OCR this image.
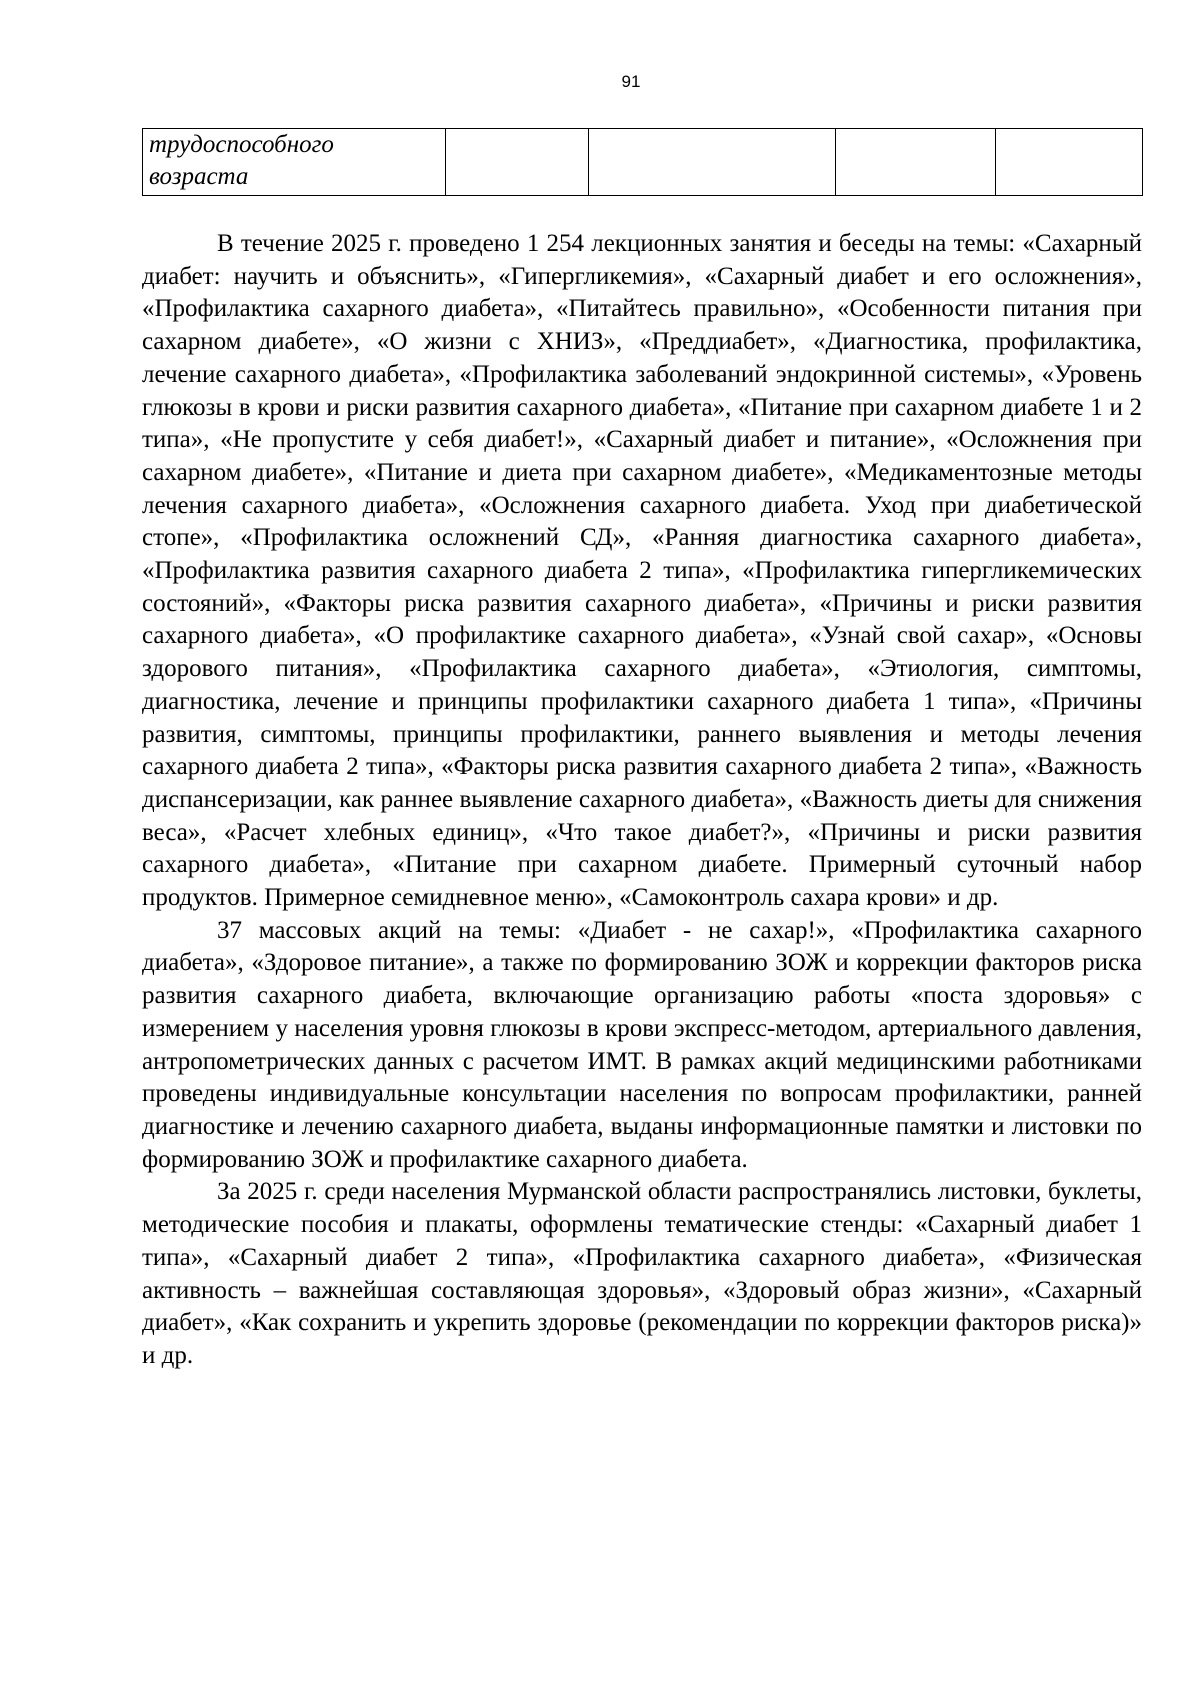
91
трудоспособного возраста				

В течение 2025 г. проведено 1 254 лекционных занятия и беседы на темы: «Сахарный диабет: научить и объяснить», «Гипергликемия», «Сахарный диабет и его осложнения», «Профилактика сахарного диабета», «Питайтесь правильно», «Особенности питания при сахарном диабете», «О жизни с ХНИЗ», «Преддиабет», «Диагностика, профилактика, лечение сахарного диабета», «Профилактика заболеваний эндокринной системы», «Уровень глюкозы в крови и риски развития сахарного диабета», «Питание при сахарном диабете 1 и 2 типа», «Не пропустите у себя диабет!», «Сахарный диабет и питание», «Осложнения при сахарном диабете», «Питание и диета при сахарном диабете», «Медикаментозные методы лечения сахарного диабета», «Осложнения сахарного диабета. Уход при диабетической стопе», «Профилактика осложнений СД», «Ранняя диагностика сахарного диабета», «Профилактика развития сахарного диабета 2 типа», «Профилактика гипергликемических состояний», «Факторы риска развития сахарного диабета», «Причины и риски развития сахарного диабета», «О профилактике сахарного диабета», «Узнай свой сахар», «Основы здорового питания», «Профилактика сахарного диабета», «Этиология, симптомы, диагностика, лечение и принципы профилактики сахарного диабета 1 типа», «Причины развития, симптомы, принципы профилактики, раннего выявления и методы лечения сахарного диабета 2 типа», «Факторы риска развития сахарного диабета 2 типа», «Важность диспансеризации, как раннее выявление сахарного диабета», «Важность диеты для снижения веса», «Расчет хлебных единиц», «Что такое диабет?», «Причины и риски развития сахарного диабета», «Питание при сахарном диабете. Примерный суточный набор продуктов. Примерное семидневное меню», «Самоконтроль сахара крови» и др.

37 массовых акций на темы: «Диабет - не сахар!», «Профилактика сахарного диабета», «Здоровое питание», а также по формированию ЗОЖ и коррекции факторов риска развития сахарного диабета, включающие организацию работы «поста здоровья» с измерением у населения уровня глюкозы в крови экспресс-методом, артериального давления, антропометрических данных с расчетом ИМТ. В рамках акций медицинскими работниками проведены индивидуальные консультации населения по вопросам профилактики, ранней диагностике и лечению сахарного диабета, выданы информационные памятки и листовки по формированию ЗОЖ и профилактике сахарного диабета.

За 2025 г. среди населения Мурманской области распространялись листовки, буклеты, методические пособия и плакаты, оформлены тематические стенды: «Сахарный диабет 1 типа», «Сахарный диабет 2 типа», «Профилактика сахарного диабета», «Физическая активность – важнейшая составляющая здоровья», «Здоровый образ жизни», «Сахарный диабет», «Как сохранить и укрепить здоровье (рекомендации по коррекции факторов риска)» и др.
